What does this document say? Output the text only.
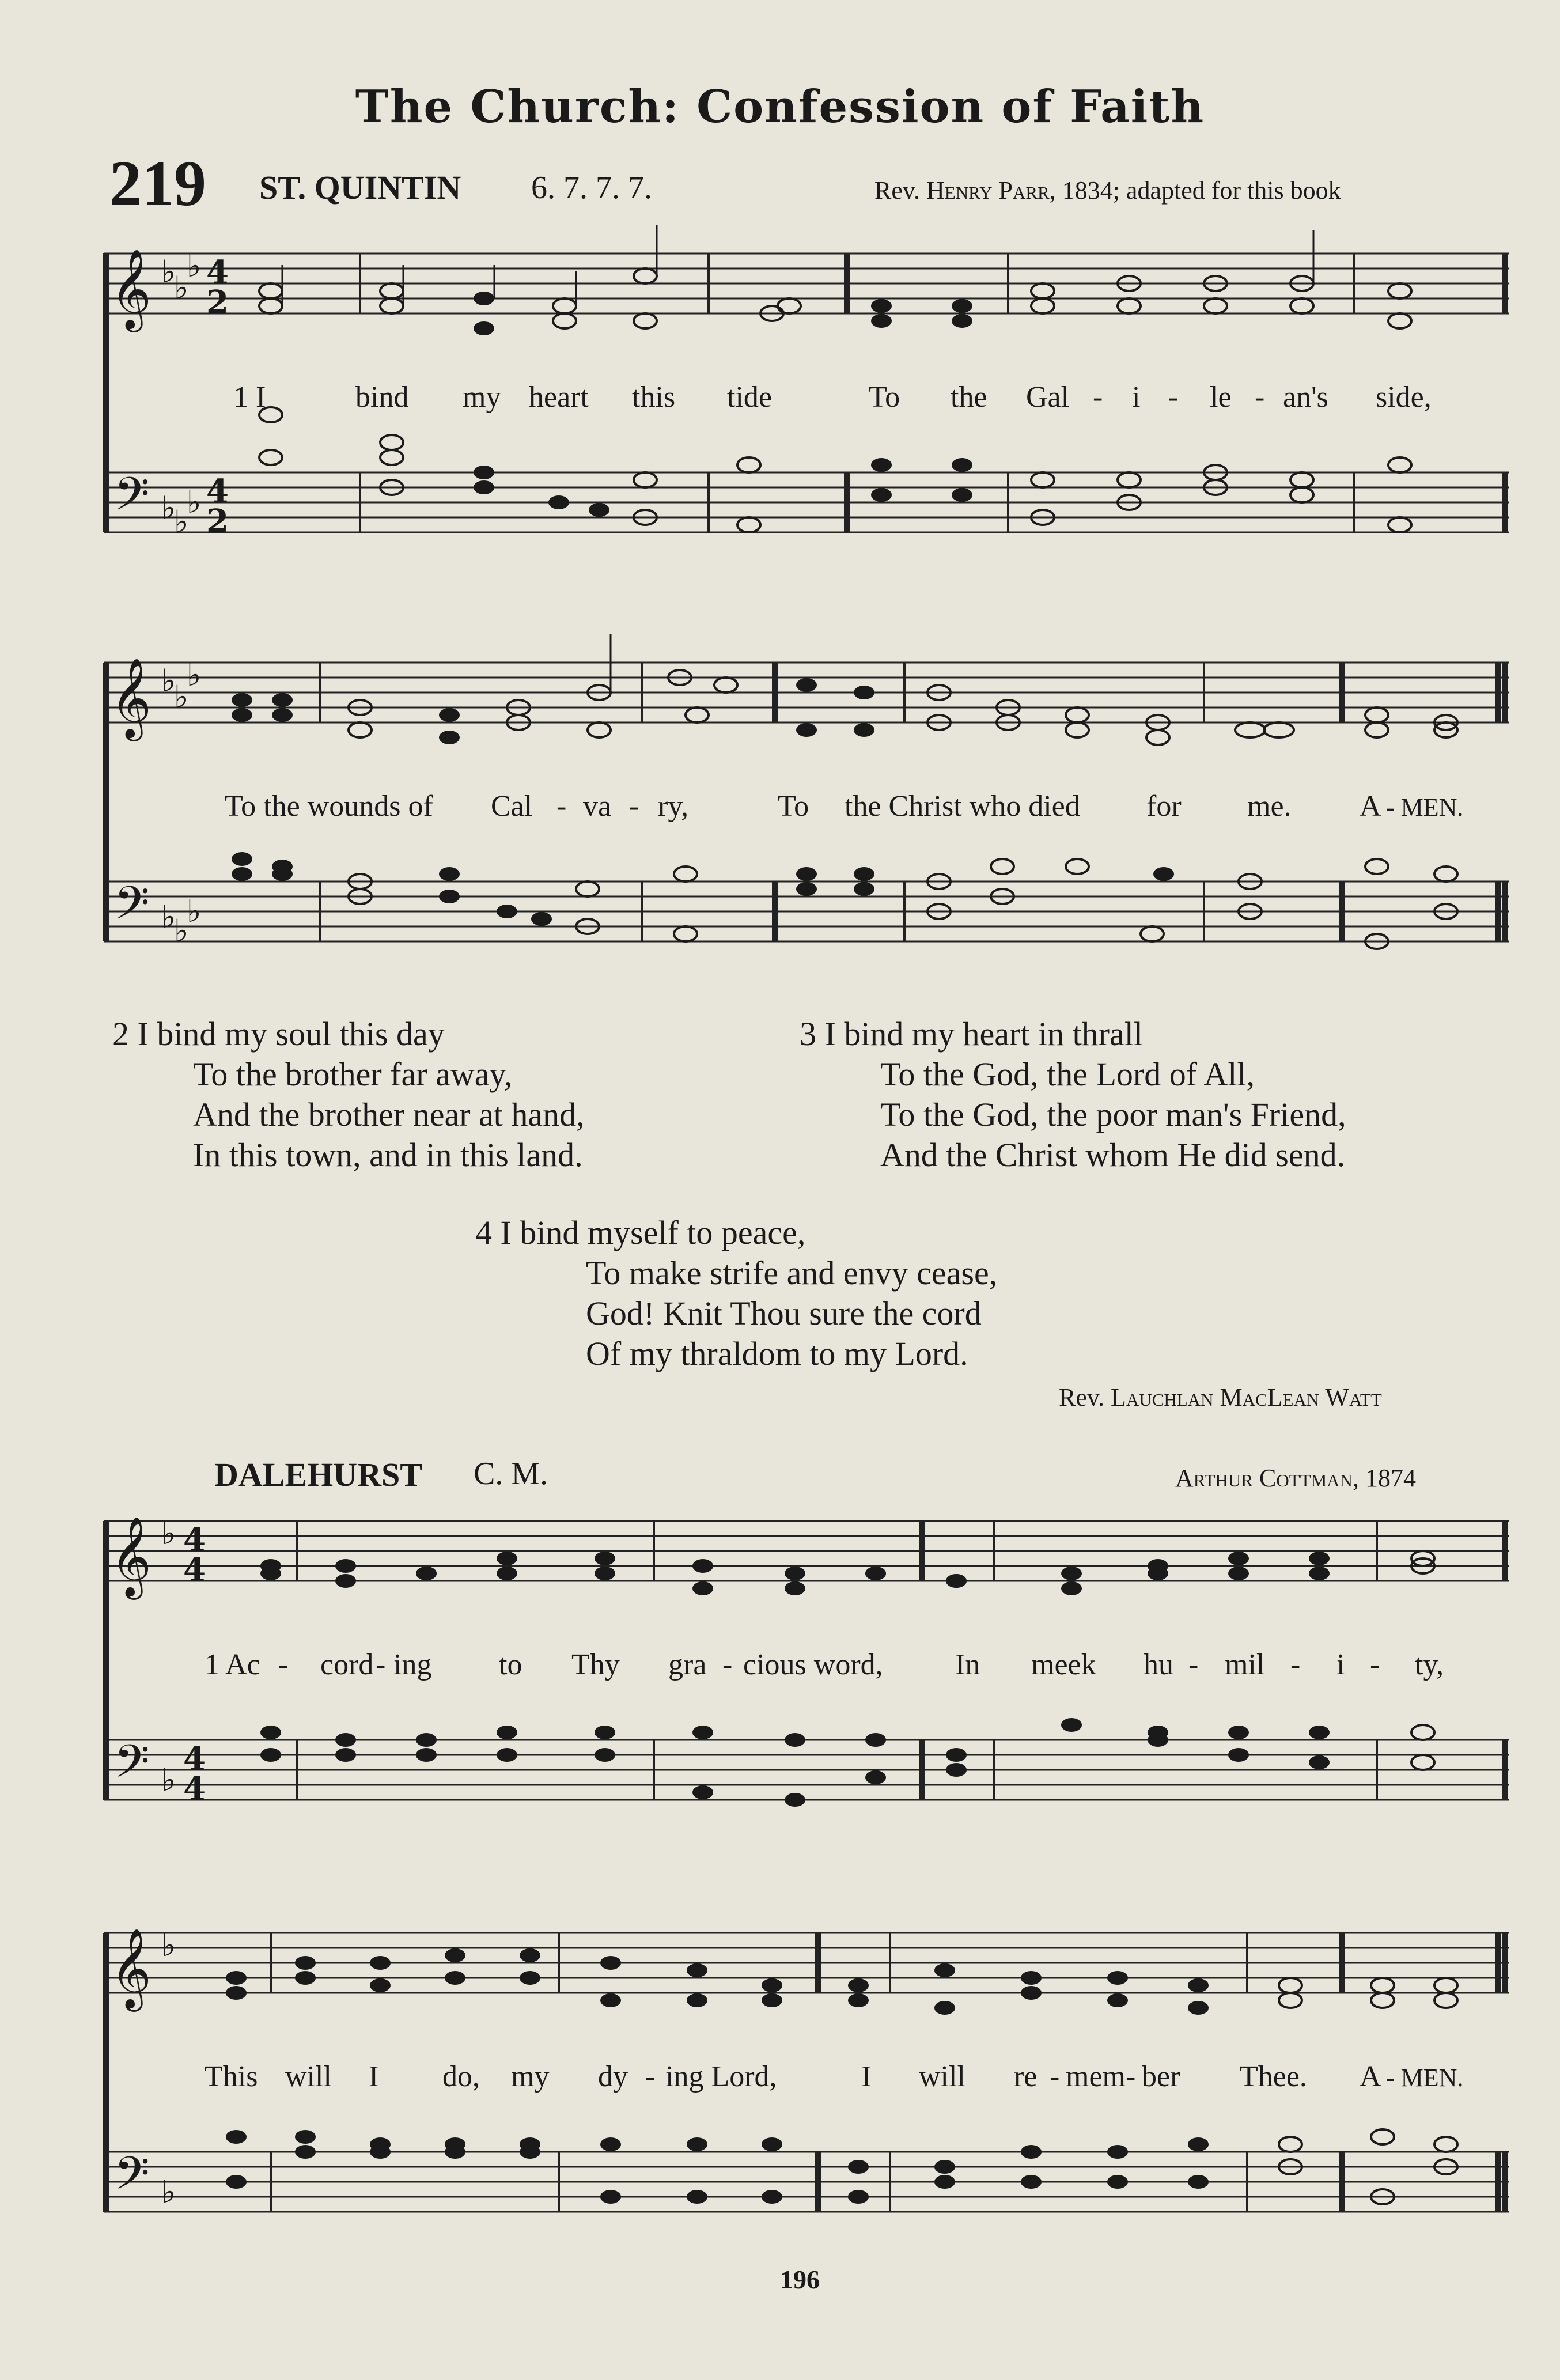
The Church: Confession of Faith
219 ST. QUINTIN 6. 7. 7. 7.	Rev. Henry Parr, 1834; adapted for this book
𝄞
𝄢
♭
♭
♭
♭
♭
♭
4
2
4
2
1 I	bind my heart this tide	To the Gal - i - le - an's side,
𝄞
𝄢
♭
♭
♭
♭
♭
♭
To the wounds of Cal - va - ry,	To the Christ who died for me. A - MEN.
2 I bind my soul this day
To the brother far away,
And the brother near at hand,
In this town, and in this land.
3 I bind my heart in thrall
To the God, the Lord of All,
To the God, the poor man's Friend,
And the Christ whom He did send.
4 I bind myself to peace,
To make strife and envy cease,
God! Knit Thou sure the cord
Of my thraldom to my Lord.
Rev. Lauchlan MacLean Watt
DALEHURST C. M.	Arthur Cottman, 1874
𝄞
𝄢
♭
♭
4
4
4
4
1 Ac - cord - ing to Thy gra - cious word, In meek hu - mil - i - ty,
𝄞
𝄢
♭
♭
This will I do, my dy - ing Lord,	I will re - mem - ber Thee. A - MEN.
196
